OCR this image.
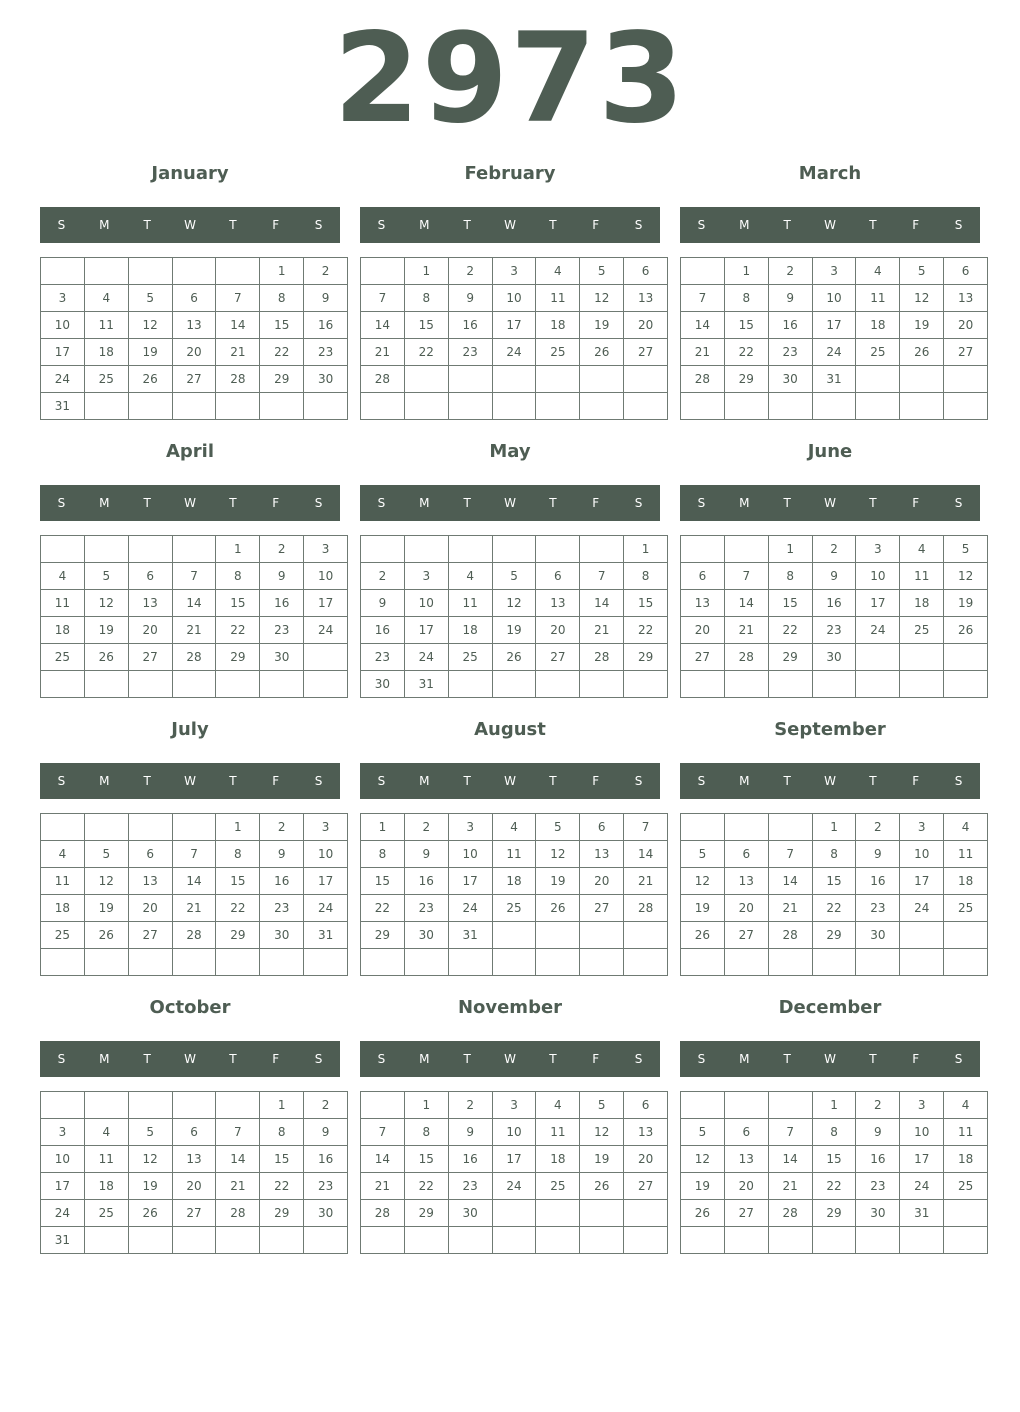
2973
January
S	M	T	W	T	F	S
					1	2
3	4	5	6	7	8	9
10	11	12	13	14	15	16
17	18	19	20	21	22	23
24	25	26	27	28	29	30
31						
February
S	M	T	W	T	F	S
	1	2	3	4	5	6
7	8	9	10	11	12	13
14	15	16	17	18	19	20
21	22	23	24	25	26	27
28						

March
S	M	T	W	T	F	S
	1	2	3	4	5	6
7	8	9	10	11	12	13
14	15	16	17	18	19	20
21	22	23	24	25	26	27
28	29	30	31			

April
S	M	T	W	T	F	S
				1	2	3
4	5	6	7	8	9	10
11	12	13	14	15	16	17
18	19	20	21	22	23	24
25	26	27	28	29	30	

May
S	M	T	W	T	F	S
						1
2	3	4	5	6	7	8
9	10	11	12	13	14	15
16	17	18	19	20	21	22
23	24	25	26	27	28	29
30	31					
June
S	M	T	W	T	F	S
		1	2	3	4	5
6	7	8	9	10	11	12
13	14	15	16	17	18	19
20	21	22	23	24	25	26
27	28	29	30			

July
S	M	T	W	T	F	S
				1	2	3
4	5	6	7	8	9	10
11	12	13	14	15	16	17
18	19	20	21	22	23	24
25	26	27	28	29	30	31

August
S	M	T	W	T	F	S
1	2	3	4	5	6	7
8	9	10	11	12	13	14
15	16	17	18	19	20	21
22	23	24	25	26	27	28
29	30	31				

September
S	M	T	W	T	F	S
			1	2	3	4
5	6	7	8	9	10	11
12	13	14	15	16	17	18
19	20	21	22	23	24	25
26	27	28	29	30		

October
S	M	T	W	T	F	S
					1	2
3	4	5	6	7	8	9
10	11	12	13	14	15	16
17	18	19	20	21	22	23
24	25	26	27	28	29	30
31						
November
S	M	T	W	T	F	S
	1	2	3	4	5	6
7	8	9	10	11	12	13
14	15	16	17	18	19	20
21	22	23	24	25	26	27
28	29	30				

December
S	M	T	W	T	F	S
			1	2	3	4
5	6	7	8	9	10	11
12	13	14	15	16	17	18
19	20	21	22	23	24	25
26	27	28	29	30	31	
